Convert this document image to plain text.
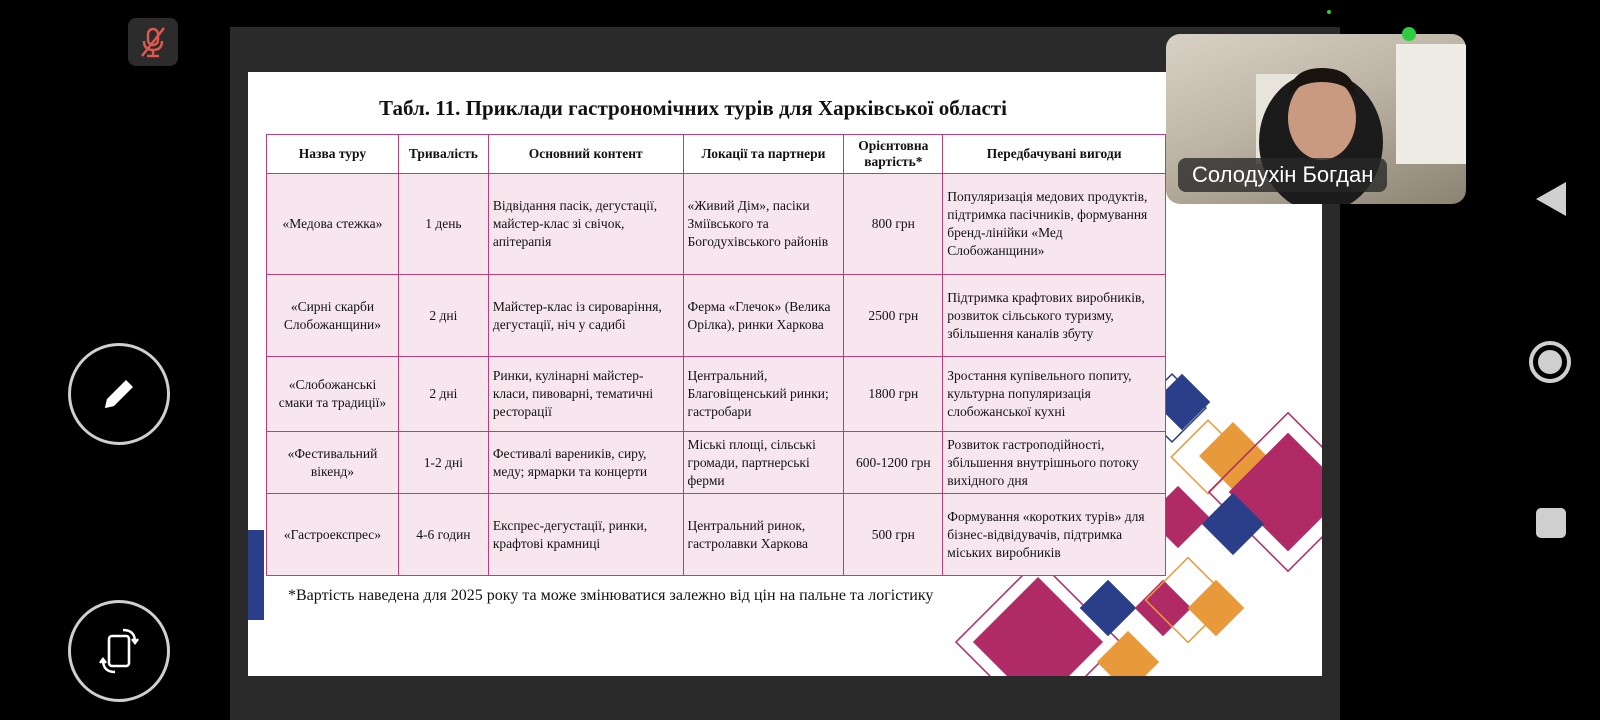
Табл. 11. Приклади гастрономічних турів для Харківської області
Назва туру	Тривалість	Основний контент	Локації та партнери	Орієнтовна вартість*	Передбачувані вигоди
«Медова стежка»	1 день	Відвідання пасік, дегустації, майстер-клас зі свічок, апітерапія	«Живий Дім», пасіки Зміївського та Богодухівського районів	800 грн	Популяризація медових продуктів, підтримка пасічників, формування бренд-лінійки «Мед Слобожанщини»
«Сирні скарби Слобожанщини»	2 дні	Майстер-клас із сироваріння, дегустації, ніч у садибі	Ферма «Глечок» (Велика Орілка), ринки Харкова	2500 грн	Підтримка крафтових виробників, розвиток сільського туризму, збільшення каналів збуту
«Слобожанські смаки та традиції»	2 дні	Ринки, кулінарні майстер-класи, пивоварні, тематичні ресторації	Центральний, Благовіщенський ринки; гастробари	1800 грн	Зростання купівельного попиту, культурна популяризація слобожанської кухні
«Фестивальний вікенд»	1-2 дні	Фестивалі вареників, сиру, меду; ярмарки та концерти	Міські площі, сільські громади, партнерські ферми	600-1200 грн	Розвиток гастроподійності, збільшення внутрішнього потоку вихідного дня
«Гастроекспрес»	4-6 годин	Експрес-дегустації, ринки, крафтові крамниці	Центральний ринок, гастролавки Харкова	500 грн	Формування «коротких турів» для бізнес-відвідувачів, підтримка міських виробників
*Вартість наведена для 2025 року та може змінюватися залежно від цін на пальне та логістику
Солодухін Богдан
